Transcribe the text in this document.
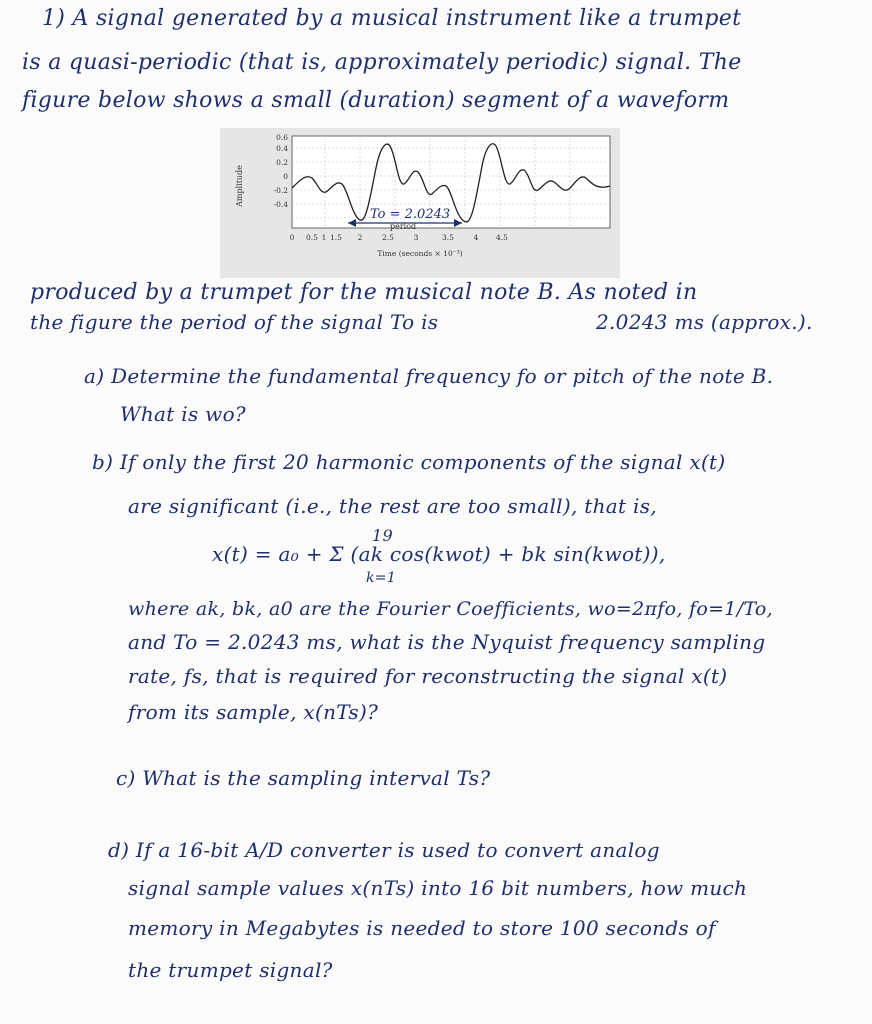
1) A signal generated by a musical instrument like a trumpet
is a quasi-periodic (that is, approximately periodic) signal. The
figure below shows a small (duration) segment of a waveform
To = 2.0243
period
0.6
0.4
0.2
0
-0.2
-0.4
0 0.5 1 1.5 2	2.5	3	3.5	4 4.5
Time (seconds × 10⁻³)
Amplitude
produced by a trumpet for the musical note B. As noted in
the figure the period of the signal To is	2.0243 ms (approx.).
a) Determine the fundamental frequency fo or pitch of the note B.
What is wo?
b) If only the first 20 harmonic components of the signal x(t)
are significant (i.e., the rest are too small), that is,
19
x(t) = a₀ + Σ (ak cos(kwot) + bk sin(kwot)),
k=1
where ak, bk, a0 are the Fourier Coefficients, wo=2πfo, fo=1/To,
and To = 2.0243 ms, what is the Nyquist frequency sampling
rate, fs, that is required for reconstructing the signal x(t)
from its sample, x(nTs)?
c) What is the sampling interval Ts?
d) If a 16-bit A/D converter is used to convert analog
signal sample values x(nTs) into 16 bit numbers, how much
memory in Megabytes is needed to store 100 seconds of
the trumpet signal?
